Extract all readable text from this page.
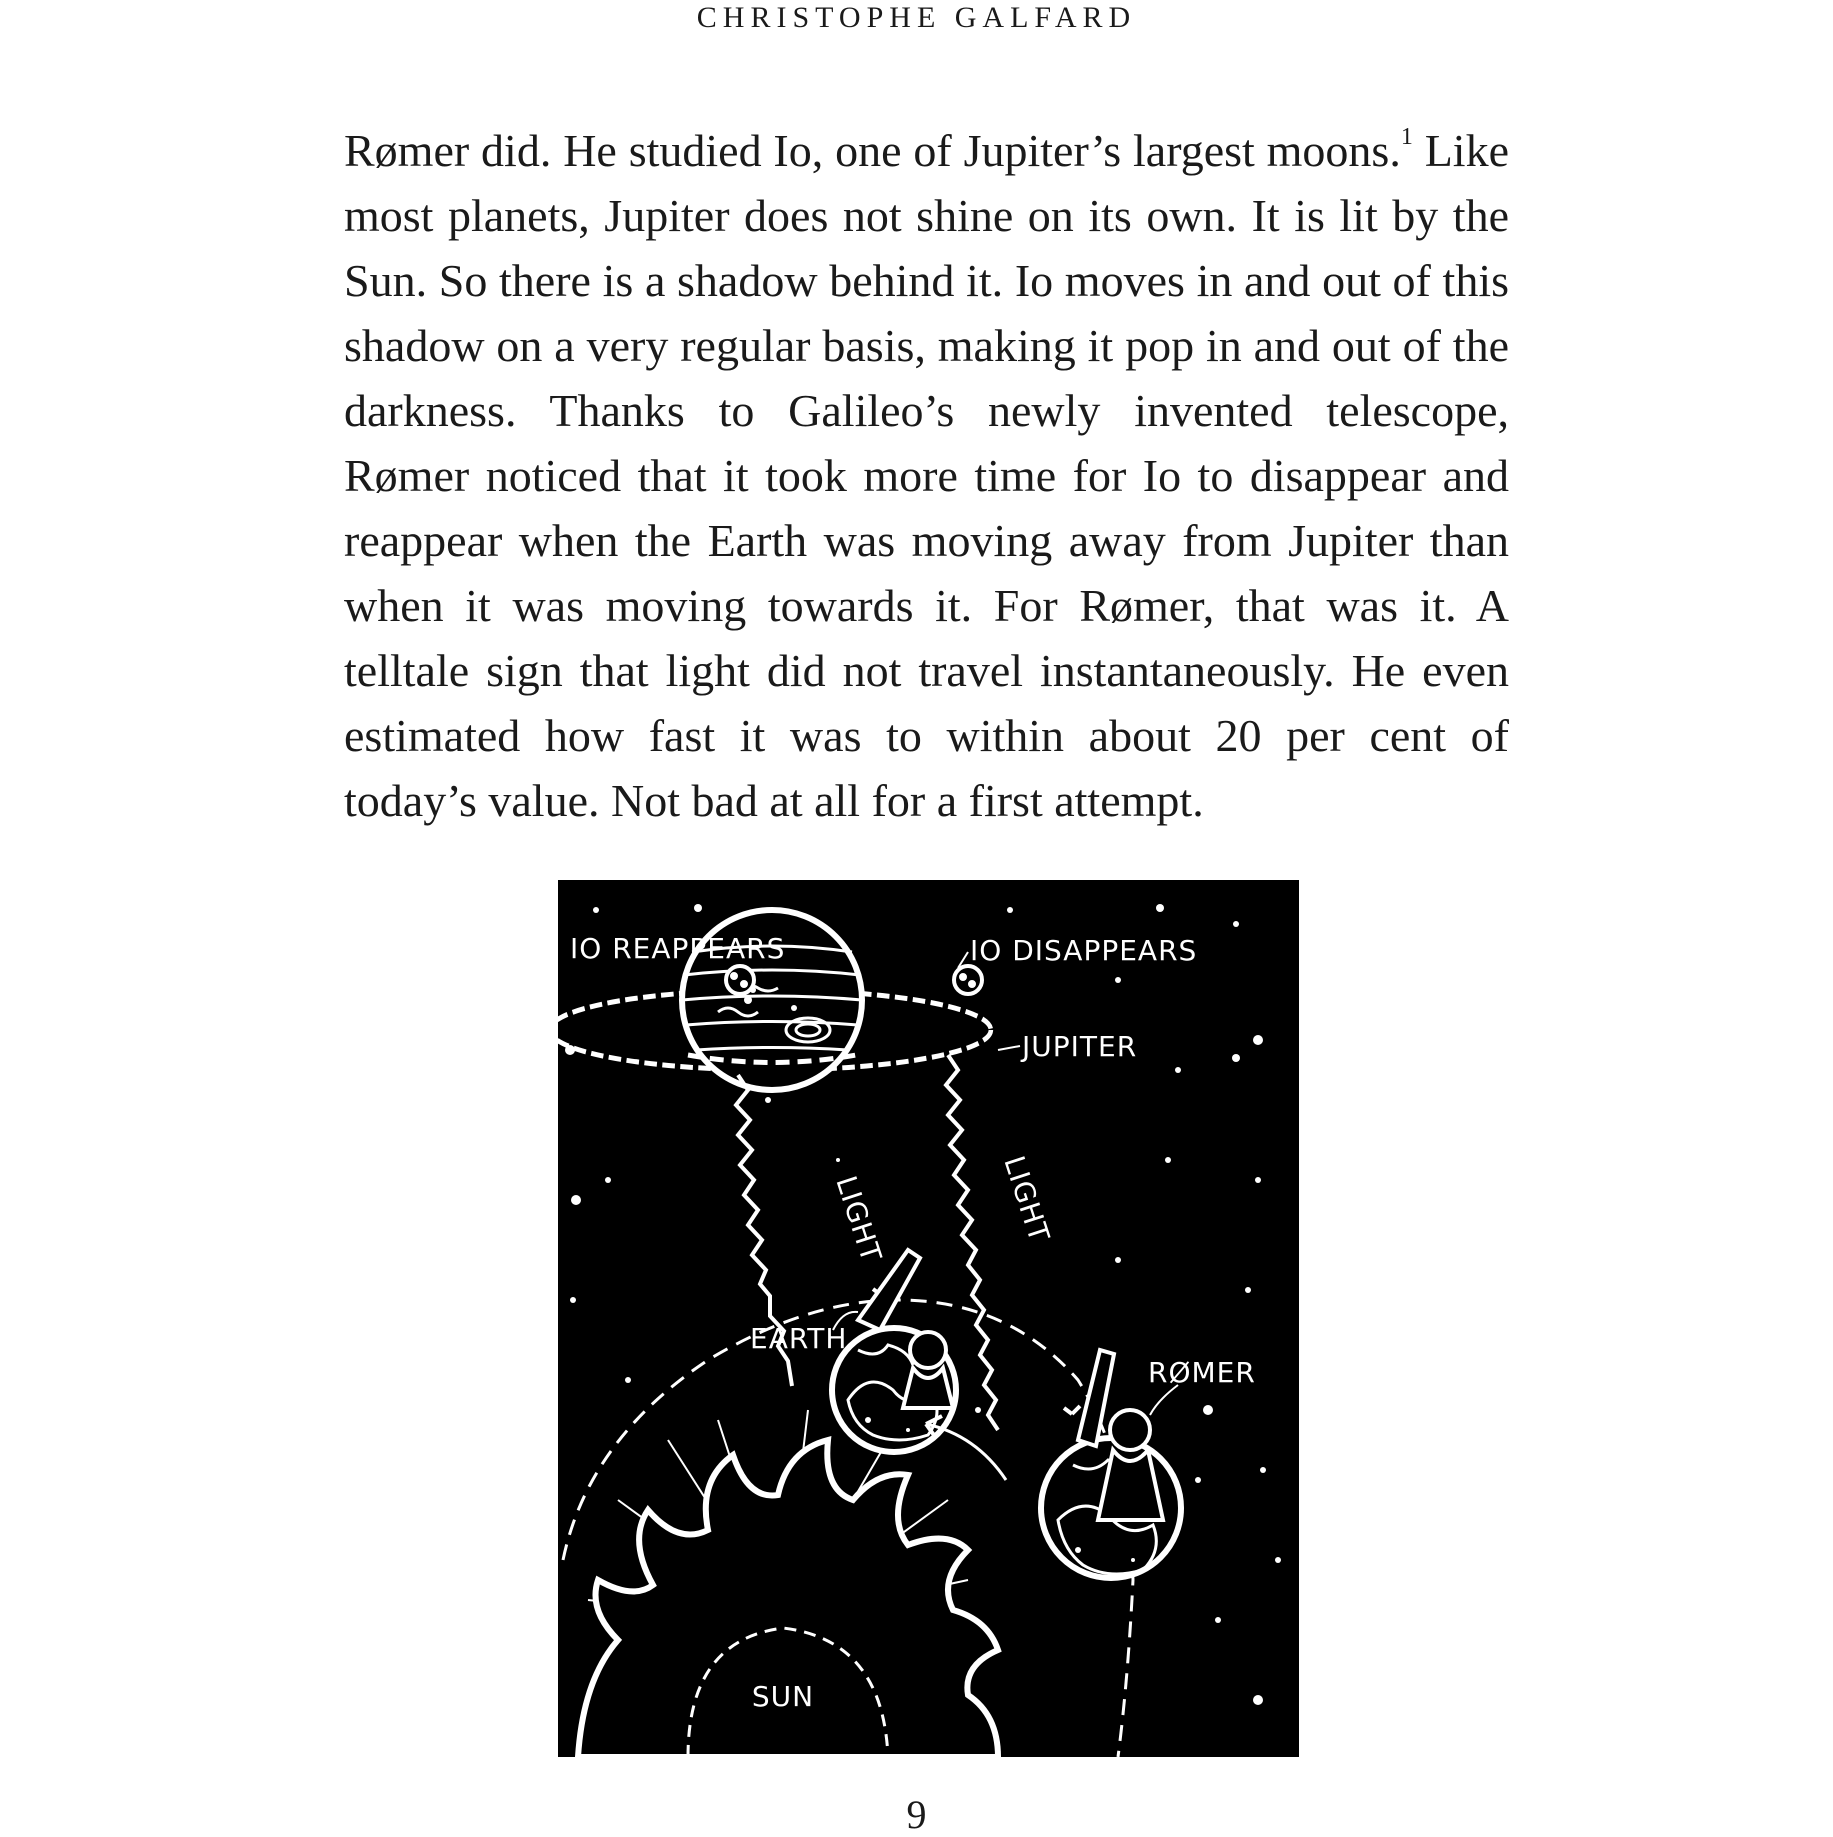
CHRISTOPHE GALFARD

Rømer did. He studied Io, one of Jupiter’s largest moons.$^1$ Like most planets, Jupiter does not shine on its own. It is lit by the Sun. So there is a shadow behind it. Io moves in and out of this shadow on a very regular basis, making it pop in and out of the darkness. Thanks to Galileo’s newly invented telescope, Rømer noticed that it took more time for Io to disappear and reappear when the Earth was moving away from Jupiter than when it was moving towards it. For Rømer, that was it. A telltale sign that light did not travel instantaneously. He even estimated how fast it was to within about 20 per cent of today’s value. Not bad at all for a first attempt.

SUN
IO REAPPEARS	IO DISAPPEARS
JUPITER
LIGHT	LIGHT
EARTH
RØMER
9
